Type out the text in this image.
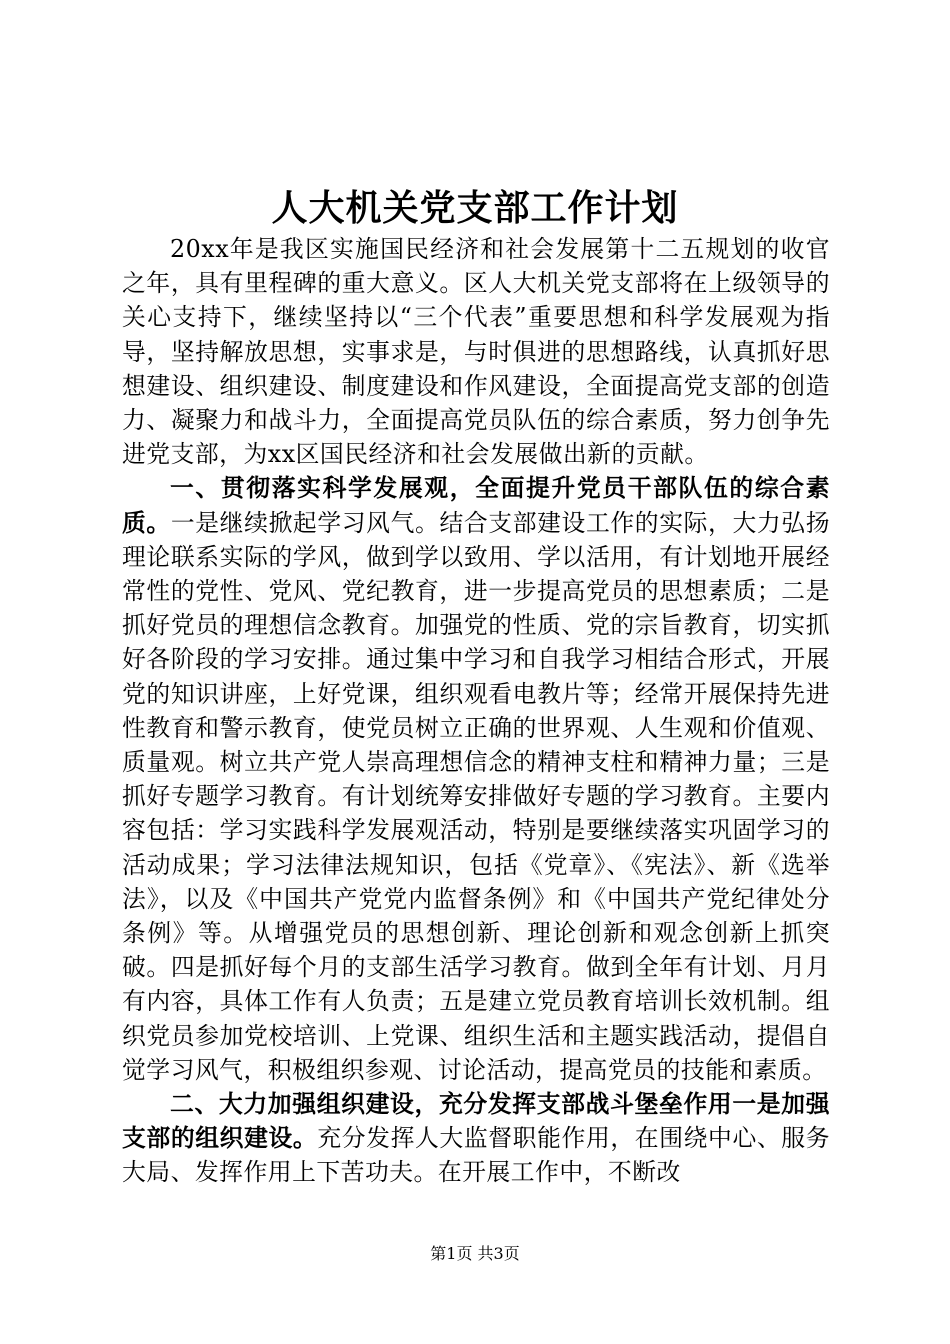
人大机关党支部工作计划

20xx年是我区实施国民经济和社会发展第十二五规划的收官之年，具有里程碑的重大意义。区人大机关党支部将在上级领导的关心支持下，继续坚持以“三个代表”重要思想和科学发展观为指导，坚持解放思想，实事求是，与时俱进的思想路线，认真抓好思想建设、组织建设、制度建设和作风建设，全面提高党支部的创造力、凝聚力和战斗力，全面提高党员队伍的综合素质，努力创争先进党支部，为xx区国民经济和社会发展做出新的贡献。

一、贯彻落实科学发展观，全面提升党员干部队伍的综合素质。一是继续掀起学习风气。结合支部建设工作的实际，大力弘扬理论联系实际的学风，做到学以致用、学以活用，有计划地开展经常性的党性、党风、党纪教育，进一步提高党员的思想素质；二是抓好党员的理想信念教育。加强党的性质、党的宗旨教育，切实抓好各阶段的学习安排。通过集中学习和自我学习相结合形式，开展党的知识讲座，上好党课，组织观看电教片等；经常开展保持先进性教育和警示教育，使党员树立正确的世界观、人生观和价值观、质量观。树立共产党人崇高理想信念的精神支柱和精神力量；三是抓好专题学习教育。有计划统筹安排做好专题的学习教育。主要内容包括：学习实践科学发展观活动，特别是要继续落实巩固学习的活动成果；学习法律法规知识，包括《党章》、《宪法》、新《选举法》，以及《中国共产党党内监督条例》和《中国共产党纪律处分条例》等。从增强党员的思想创新、理论创新和观念创新上抓突破。四是抓好每个月的支部生活学习教育。做到全年有计划、月月有内容，具体工作有人负责；五是建立党员教育培训长效机制。组织党员参加党校培训、上党课、组织生活和主题实践活动，提倡自觉学习风气，积极组织参观、讨论活动，提高党员的技能和素质。

二、大力加强组织建设，充分发挥支部战斗堡垒作用一是加强支部的组织建设。充分发挥人大监督职能作用，在围绕中心、服务大局、发挥作用上下苦功夫。在开展工作中，不断改

第1页 共3页
